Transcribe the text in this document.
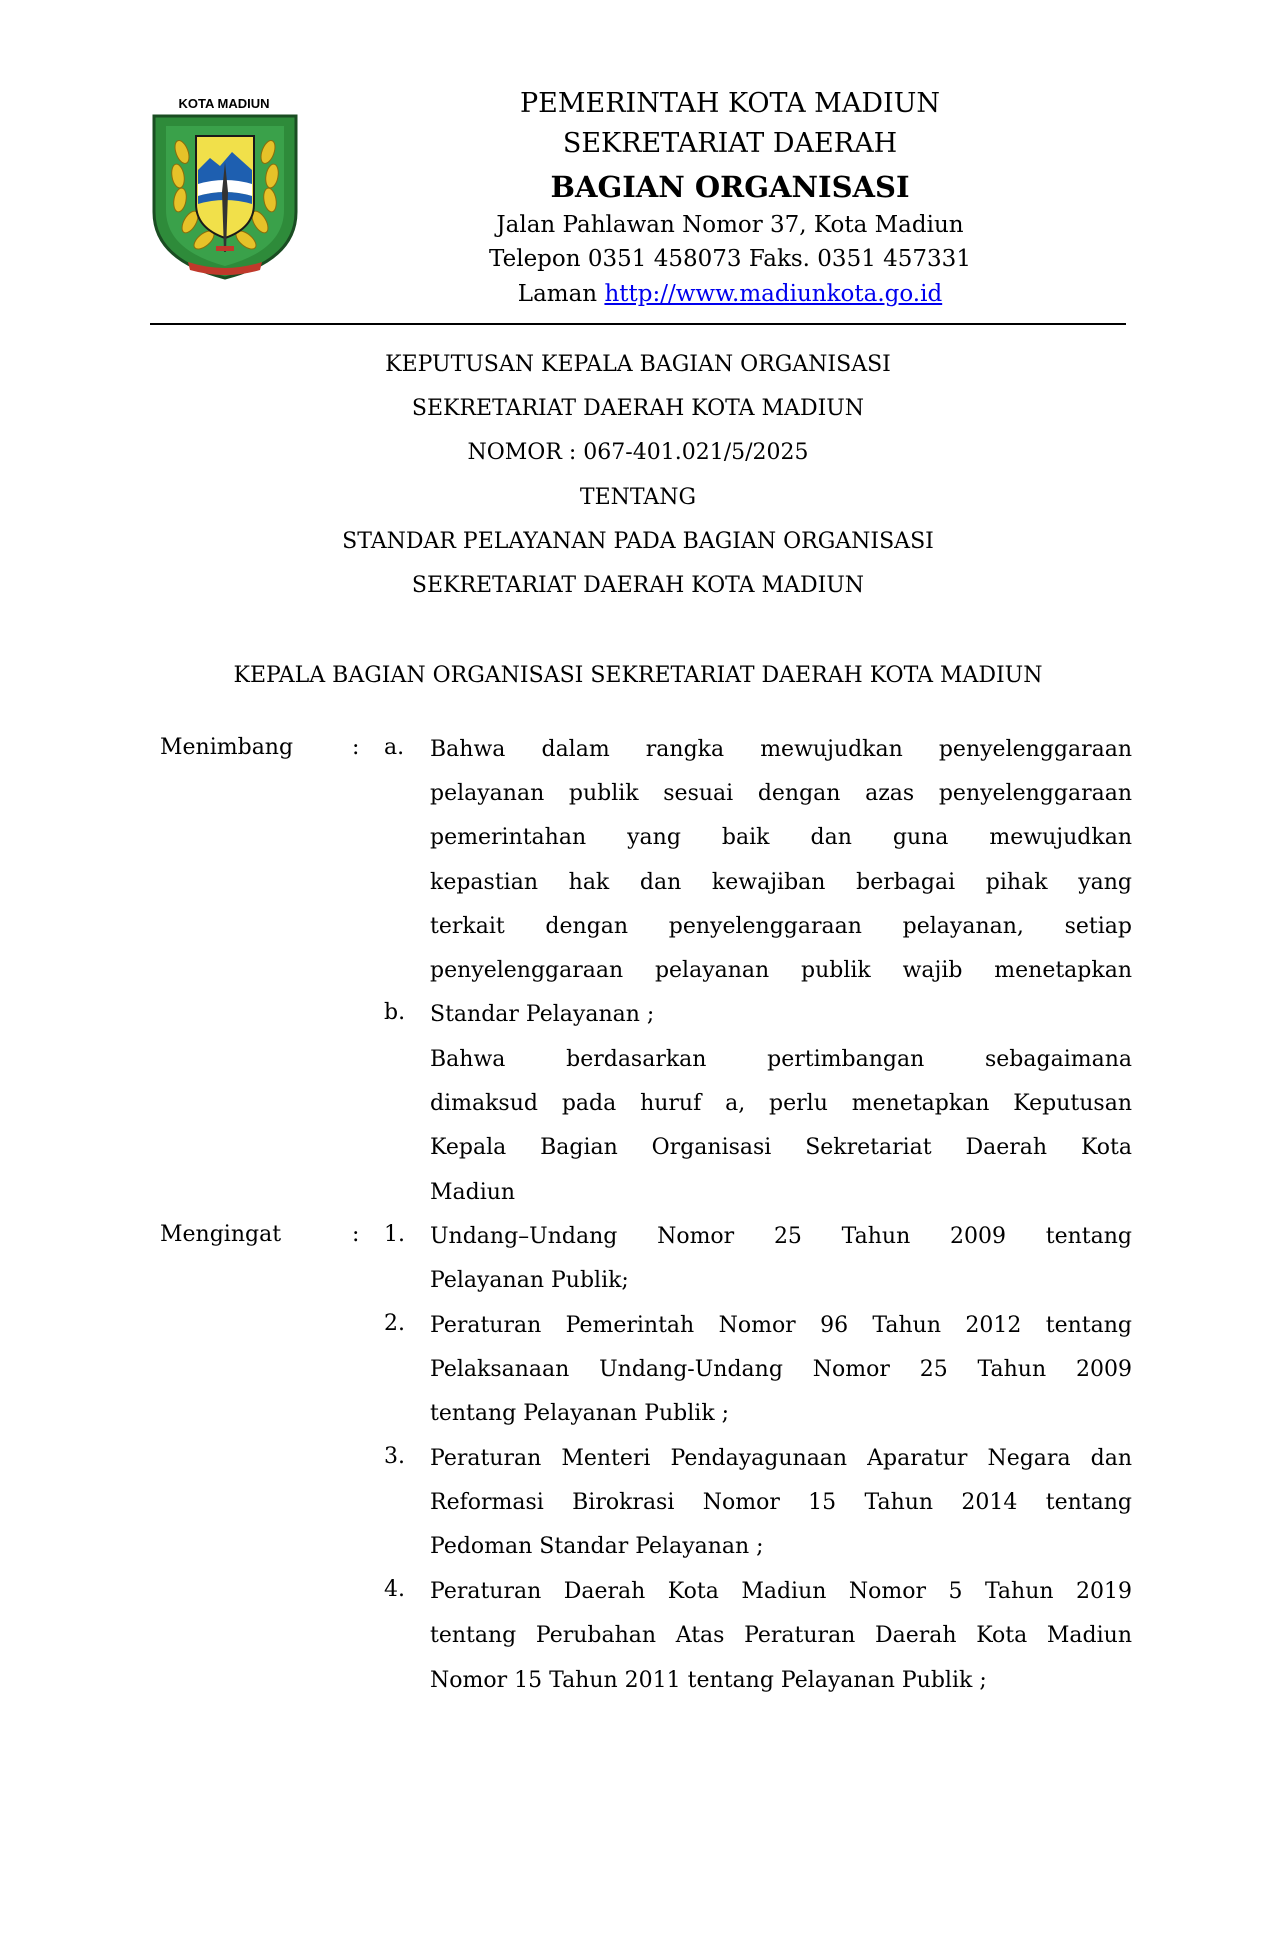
KOTA MADIUN	PEMERINTAH KOTA MADIUN
SEKRETARIAT DAERAH
BAGIAN ORGANISASI
Jalan Pahlawan Nomor 37, Kota Madiun
Telepon 0351 458073 Faks. 0351 457331
Laman http://www.madiunkota.go.id
KEPUTUSAN KEPALA BAGIAN ORGANISASI
SEKRETARIAT DAERAH KOTA MADIUN
NOMOR : 067-401.021/5/2025
TENTANG
STANDAR PELAYANAN PADA BAGIAN ORGANISASI
SEKRETARIAT DAERAH KOTA MADIUN
KEPALA BAGIAN ORGANISASI SEKRETARIAT DAERAH KOTA MADIUN
Menimbang	: a. Bahwa dalam rangka mewujudkan penyelenggaraan
pelayanan publik sesuai dengan azas penyelenggaraan
pemerintahan yang baik dan guna mewujudkan
kepastian hak dan kewajiban berbagai pihak yang
terkait dengan penyelenggaraan pelayanan, setiap
penyelenggaraan pelayanan publik wajib menetapkan
b. Standar Pelayanan ;
Bahwa berdasarkan pertimbangan sebagaimana
dimaksud pada huruf a, perlu menetapkan Keputusan
Kepala Bagian Organisasi Sekretariat Daerah Kota
Madiun
Mengingat	: 1. Undang–Undang Nomor 25 Tahun 2009 tentang
Pelayanan Publik;
2. Peraturan Pemerintah Nomor 96 Tahun 2012 tentang
Pelaksanaan Undang-Undang Nomor 25 Tahun 2009
tentang Pelayanan Publik ;
3. Peraturan Menteri Pendayagunaan Aparatur Negara dan
Reformasi Birokrasi Nomor 15 Tahun 2014 tentang
Pedoman Standar Pelayanan ;
4. Peraturan Daerah Kota Madiun Nomor 5 Tahun 2019
tentang Perubahan Atas Peraturan Daerah Kota Madiun
Nomor 15 Tahun 2011 tentang Pelayanan Publik ;
